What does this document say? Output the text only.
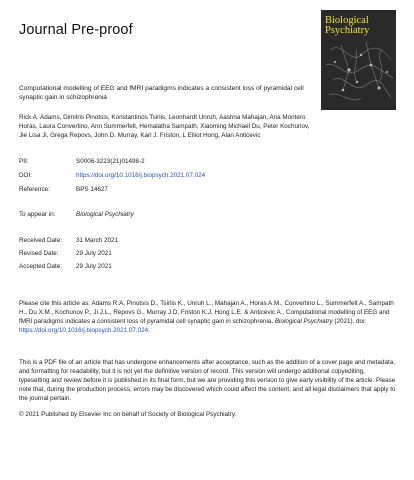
Journal Pre-proof
Biological Psychiatry
Computational modelling of EEG and fMRI paradigms indicates a consistent loss of pyramidal cell synaptic gain in schizophrenia
Rick A. Adams, Dimitris Pinotsis, Konstantinos Tsirlis, Leonhardt Unruh, Aashna Mahajan, Ana Montero Horas, Laura Convertino, Ann Summerfelt, Hemalatha Sampath, Xiaoming Michael Du, Peter Kochunov, Jie Lisa Ji, Grega Repovs, John D. Murray, Karl J. Friston, L Elliot Hong, Alan Anticevic
PII:	S0006-3223(21)01498-2
DOI:	https://doi.org/10.1016/j.biopsych.2021.07.024
Reference:	BPS 14627
To appear in:	Biological Psychiatry
Received Date: 31 March 2021
Revised Date:	29 July 2021
Accepted Date: 29 July 2021
Please cite this article as: Adams R.A, Pinotsis D., Tsirlis K., Unruh L., Mahajan A., Horas A.M., Convertino L., Summerfelt A., Sampath H., Du X.M., Kochunov P., Ji J.L., Repovs G., Murray J.D, Friston K.J, Hong L.E. & Anticevic A., Computational modelling of EEG and fMRI paradigms indicates a consistent loss of pyramidal cell synaptic gain in schizophrenia, Biological Psychiatry (2021), doi: https://doi.org/10.1016/j.biopsych.2021.07.024.
This is a PDF file of an article that has undergone enhancements after acceptance, such as the addition of a cover page and metadata, and formatting for readability, but it is not yet the definitive version of record. This version will undergo additional copyediting, typesetting and review before it is published in its final form, but we are providing this version to give early visibility of the article. Please note that, during the production process, errors may be discovered which could affect the content, and all legal disclaimers that apply to the journal pertain.
© 2021 Published by Elsevier Inc on behalf of Society of Biological Psychiatry.
